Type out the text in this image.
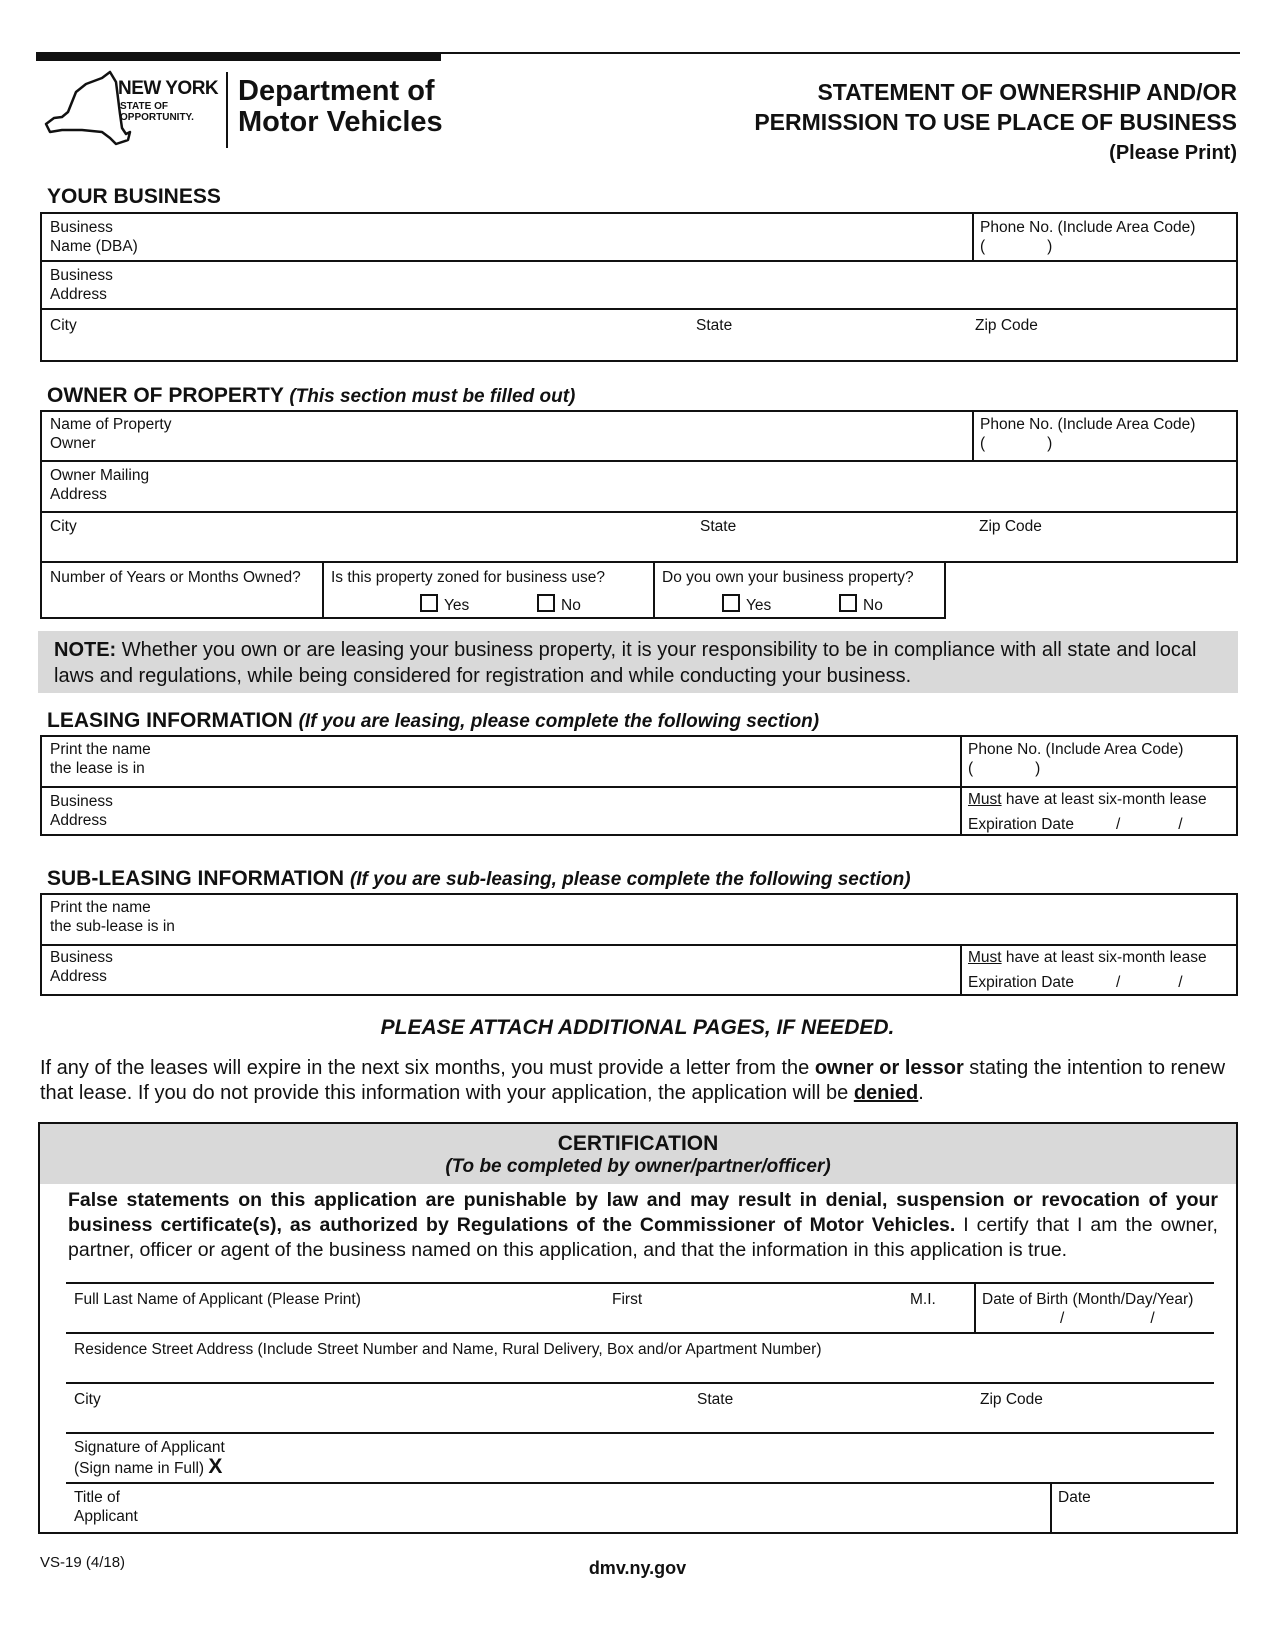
NEW YORK
STATE OF
OPPORTUNITY.
Department of
Motor Vehicles
STATEMENT OF OWNERSHIP AND/OR
PERMISSION TO USE PLACE OF BUSINESS
(Please Print)
YOUR BUSINESS
Business
Name (DBA)
Phone No. (Include Area Code)
(	)
Business
Address
City	State	Zip Code
OWNER OF PROPERTY (This section must be filled out)
Name of Property
Owner
Phone No. (Include Area Code)
(	)
Owner Mailing
Address
City	State	Zip Code
Number of Years or Months Owned? Is this property zoned for business use?
Yes	No
Do you own your business property?
Yes	No
NOTE: Whether you own or are leasing your business property, it is your responsibility to be in compliance with all state and local laws and regulations, while being considered for registration and while conducting your business.
LEASING INFORMATION (If you are leasing, please complete the following section)
Print the name
the lease is in
Phone No. (Include Area Code)
(	)
Business
Address
Must have at least six-month lease
Expiration Date	/	/
SUB-LEASING INFORMATION (If you are sub-leasing, please complete the following section)
Print the name
the sub-lease is in
Business
Address
Must have at least six-month lease
Expiration Date	/	/
PLEASE ATTACH ADDITIONAL PAGES, IF NEEDED.
If any of the leases will expire in the next six months, you must provide a letter from the owner or lessor stating the intention to renew that lease. If you do not provide this information with your application, the application will be denied.
CERTIFICATION
(To be completed by owner/partner/officer)
False statements on this application are punishable by law and may result in denial, suspension or revocation of your business certificate(s), as authorized by Regulations of the Commissioner of Motor Vehicles. I certify that I am the owner, partner, officer or agent of the business named on this application, and that the information in this application is true.
Full Last Name of Applicant (Please Print)	First	M.I.	Date of Birth (Month/Day/Year)
/	/
Residence Street Address (Include Street Number and Name, Rural Delivery, Box and/or Apartment Number)
City	State	Zip Code
Signature of Applicant
(Sign name in Full) X
Title of
Applicant
Date
VS-19 (4/18)	dmv.ny.gov
